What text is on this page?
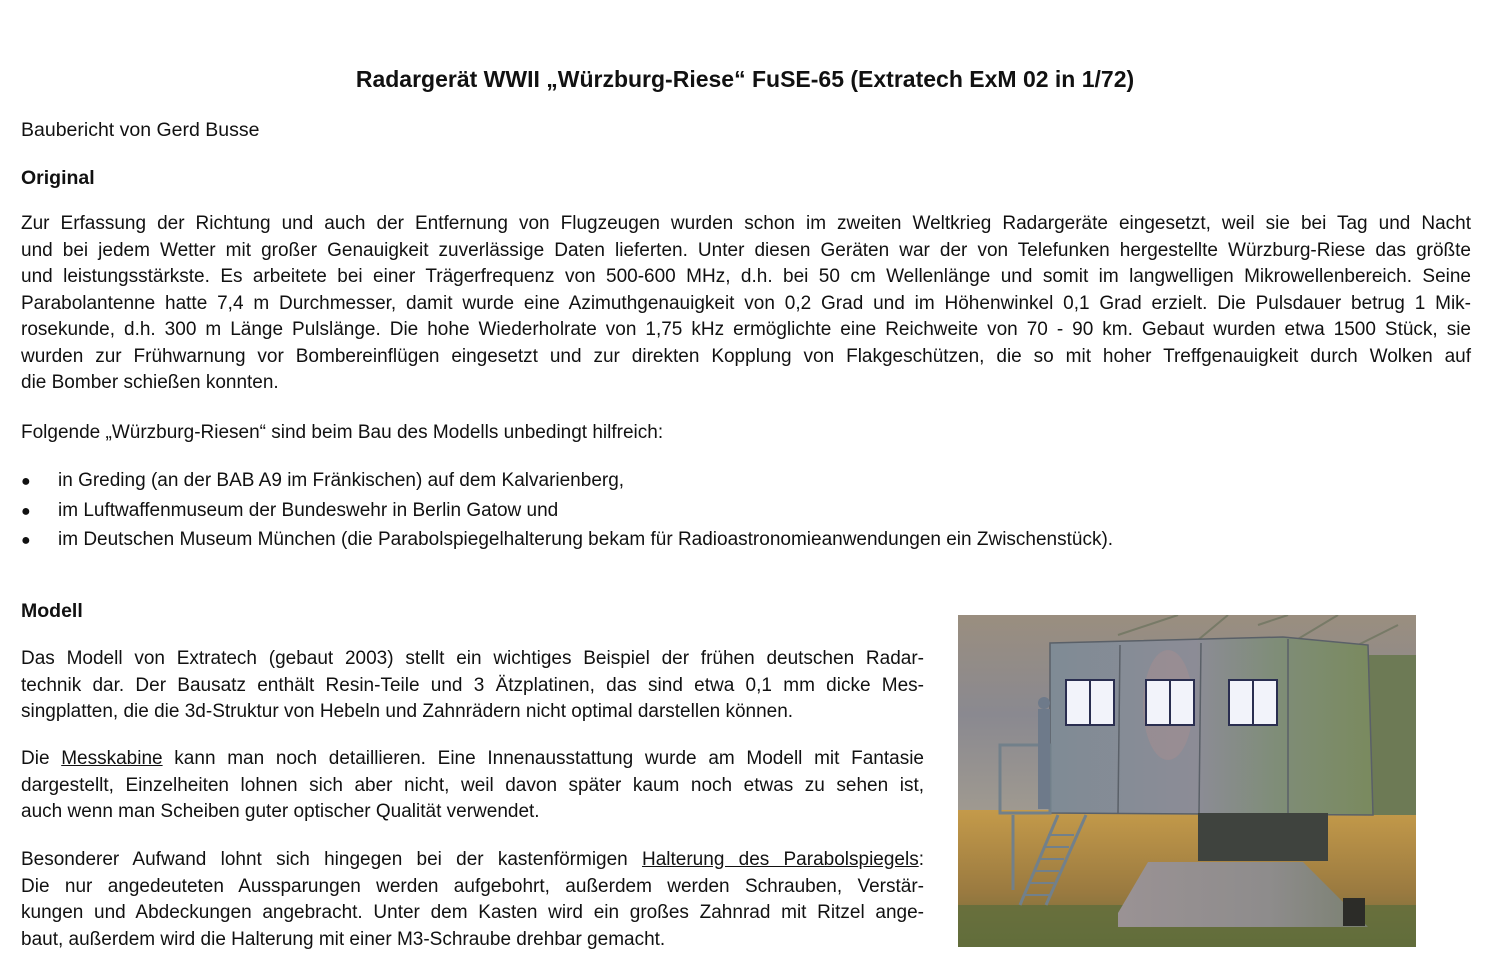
Radargerät WWII „Würzburg-Riese“ FuSE-65 (Extratech ExM 02 in 1/72)
Baubericht von Gerd Busse
Original
Zur Erfassung der Richtung und auch der Entfernung von Flugzeugen wurden schon im zweiten Weltkrieg Radargeräte eingesetzt, weil sie bei Tag und Nacht
und bei jedem Wetter mit großer Genauigkeit zuverlässige Daten lieferten. Unter diesen Geräten war der von Telefunken hergestellte Würzburg-Riese das größte
und leistungsstärkste. Es arbeitete bei einer Trägerfrequenz von 500-600 MHz, d.h. bei 50 cm Wellenlänge und somit im langwelligen Mikrowellenbereich. Seine
Parabolantenne hatte 7,4 m Durchmesser, damit wurde eine Azimuthgenauigkeit von 0,2 Grad und im Höhenwinkel 0,1 Grad erzielt. Die Pulsdauer betrug 1 Mik-
rosekunde, d.h. 300 m Länge Pulslänge. Die hohe Wiederholrate von 1,75 kHz ermöglichte eine Reichweite von 70 - 90 km. Gebaut wurden etwa 1500 Stück, sie
wurden zur Frühwarnung vor Bombereinflügen eingesetzt und zur direkten Kopplung von Flakgeschützen, die so mit hoher Treffgenauigkeit durch Wolken auf
die Bomber schießen konnten.
Folgende „Würzburg-Riesen“ sind beim Bau des Modells unbedingt hilfreich:
●	in Greding (an der BAB A9 im Fränkischen) auf dem Kalvarienberg,
●	im Luftwaffenmuseum der Bundeswehr in Berlin Gatow und
●	im Deutschen Museum München (die Parabolspiegelhalterung bekam für Radioastronomieanwendungen ein Zwischenstück).
Modell
Das Modell von Extratech (gebaut 2003) stellt ein wichtiges Beispiel der frühen deutschen Radar-
technik dar. Der Bausatz enthält Resin-Teile und 3 Ätzplatinen, das sind etwa 0,1 mm dicke Mes-
singplatten, die die 3d-Struktur von Hebeln und Zahnrädern nicht optimal darstellen können.
Die Messkabine kann man noch detaillieren. Eine Innenausstattung wurde am Modell mit Fantasie
dargestellt, Einzelheiten lohnen sich aber nicht, weil davon später kaum noch etwas zu sehen ist,
auch wenn man Scheiben guter optischer Qualität verwendet.
Besonderer Aufwand lohnt sich hingegen bei der kastenförmigen Halterung des Parabolspiegels:
Die nur angedeuteten Aussparungen werden aufgebohrt, außerdem werden Schrauben, Verstär-
kungen und Abdeckungen angebracht. Unter dem Kasten wird ein großes Zahnrad mit Ritzel ange-
baut, außerdem wird die Halterung mit einer M3-Schraube drehbar gemacht.
